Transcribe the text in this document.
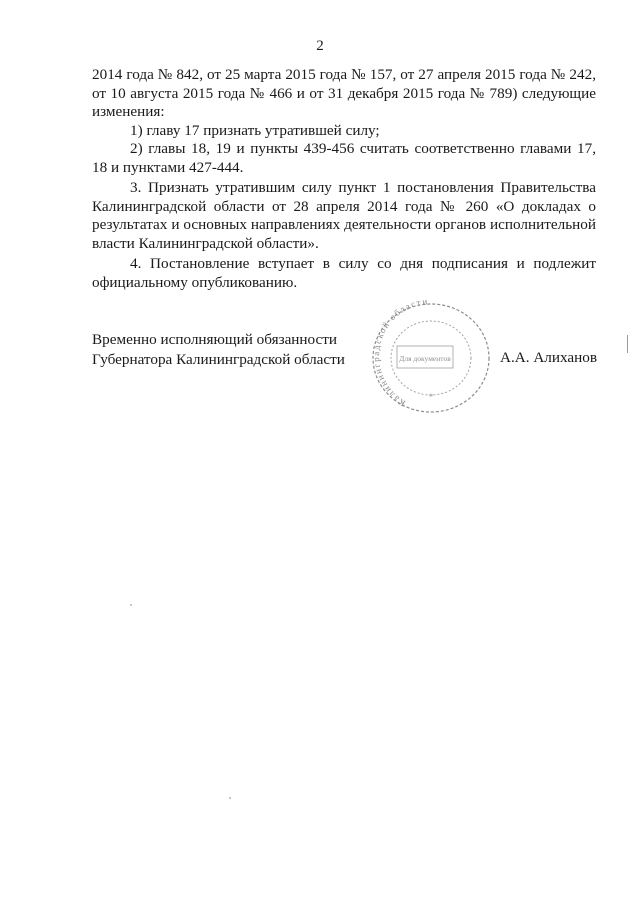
2

2014 года № 842, от 25 марта 2015 года № 157, от 27 апреля 2015 года № 242, от 10 августа 2015 года № 466 и от 31 декабря 2015 года № 789) следующие изменения:

1) главу 17 признать утратившей силу;

2) главы 18, 19 и пункты 439-456 считать соответственно главами 17, 18 и пунктами 427-444.

3. Признать утратившим силу пункт 1 постановления Правительства Калининградской области от 28 апреля 2014 года № 260 «О докладах о результатах и основных направлениях деятельности органов исполнительной власти Калининградской области».

4. Постановление вступает в силу со дня подписания и подлежит официальному опубликованию.

Временно исполняющий обязанности
Губернатора Калининградской области
Калининградской области
Для документов
*
А.А. Алиханов
